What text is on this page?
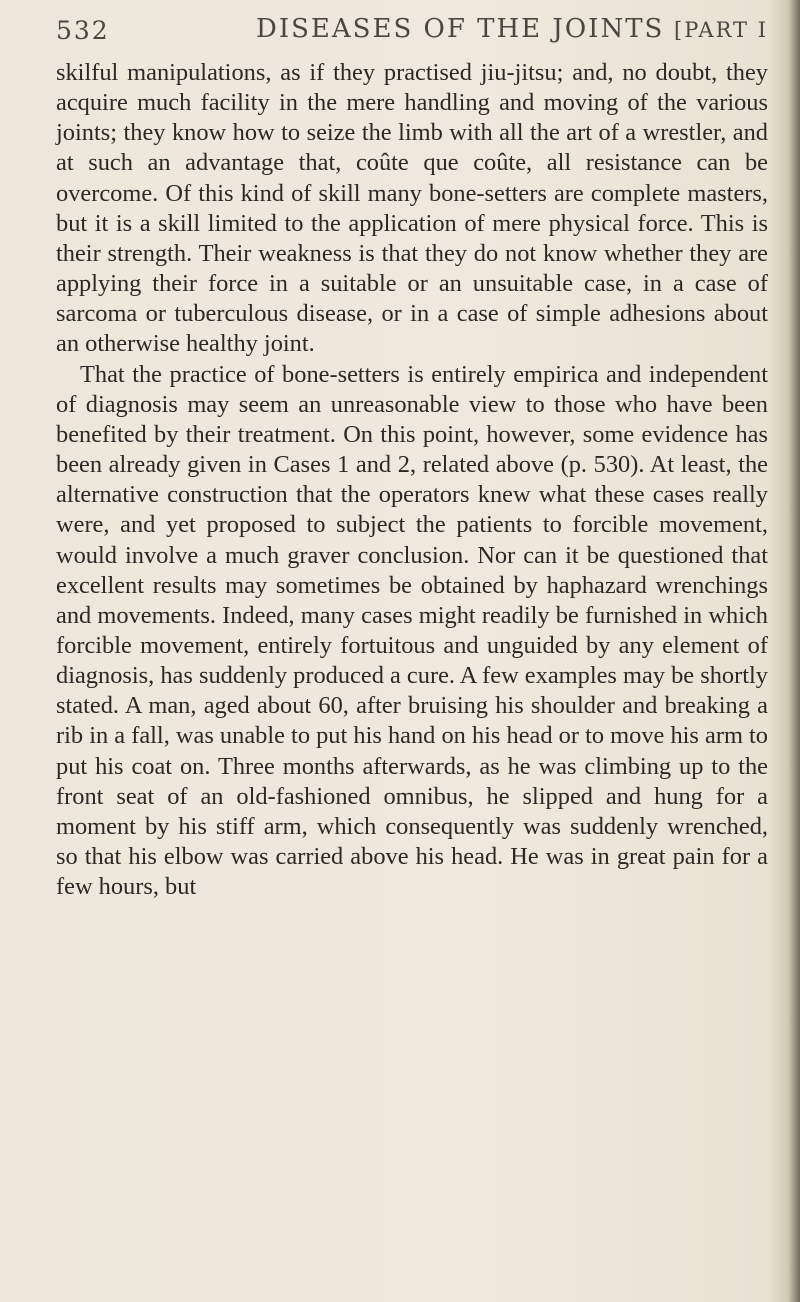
532	DISEASES OF THE JOINTS [PART I

skilful manipulations, as if they practised jiu-jitsu; and, no doubt, they acquire much facility in the mere handling and moving of the various joints; they know how to seize the limb with all the art of a wrestler, and at such an advantage that, coûte que coûte, all resistance can be overcome. Of this kind of skill many bone-setters are complete masters, but it is a skill limited to the application of mere physical force. This is their strength. Their weakness is that they do not know whether they are applying their force in a suitable or an unsuitable case, in a case of sarcoma or tuberculous disease, or in a case of simple adhesions about an otherwise healthy joint.

That the practice of bone-setters is entirely empirica and independent of diagnosis may seem an unreasonable view to those who have been benefited by their treatment. On this point, however, some evidence has been already given in Cases 1 and 2, related above (p. 530). At least, the alternative construction that the operators knew what these cases really were, and yet proposed to subject the patients to forcible movement, would involve a much graver conclusion. Nor can it be questioned that excellent results may sometimes be obtained by haphazard wrenchings and movements. Indeed, many cases might readily be furnished in which forcible movement, entirely fortuitous and unguided by any element of diagnosis, has suddenly produced a cure. A few examples may be shortly stated. A man, aged about 60, after bruising his shoulder and breaking a rib in a fall, was unable to put his hand on his head or to move his arm to put his coat on. Three months afterwards, as he was climbing up to the front seat of an old-fashioned omnibus, he slipped and hung for a moment by his stiff arm, which consequently was suddenly wrenched, so that his elbow was carried above his head. He was in great pain for a few hours, but
